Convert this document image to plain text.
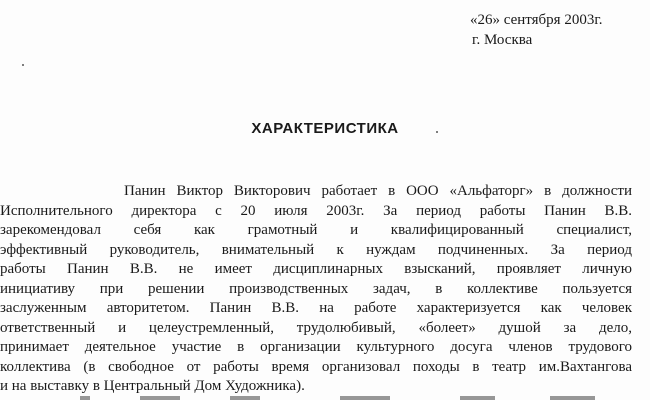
«26» сентября 2003г.
г. Москва
ХАРАКТЕРИСТИКА
Панин Виктор Викторович работает в ООО «Альфаторг» в должности
Исполнительного директора с 20 июля 2003г. За период работы Панин В.В.
зарекомендовал себя как грамотный и квалифицированный специалист,
эффективный руководитель, внимательный к нуждам подчиненных. За период
работы Панин В.В. не имеет дисциплинарных взысканий, проявляет личную
инициативу при решении производственных задач, в коллективе пользуется
заслуженным авторитетом. Панин В.В. на работе характеризуется как человек
ответственный и целеустремленный, трудолюбивый, «болеет» душой за дело,
принимает деятельное участие в организации культурного досуга членов трудового
коллектива (в свободное от работы время организовал походы в театр им.Вахтангова
и на выставку в Центральный Дом Художника).
